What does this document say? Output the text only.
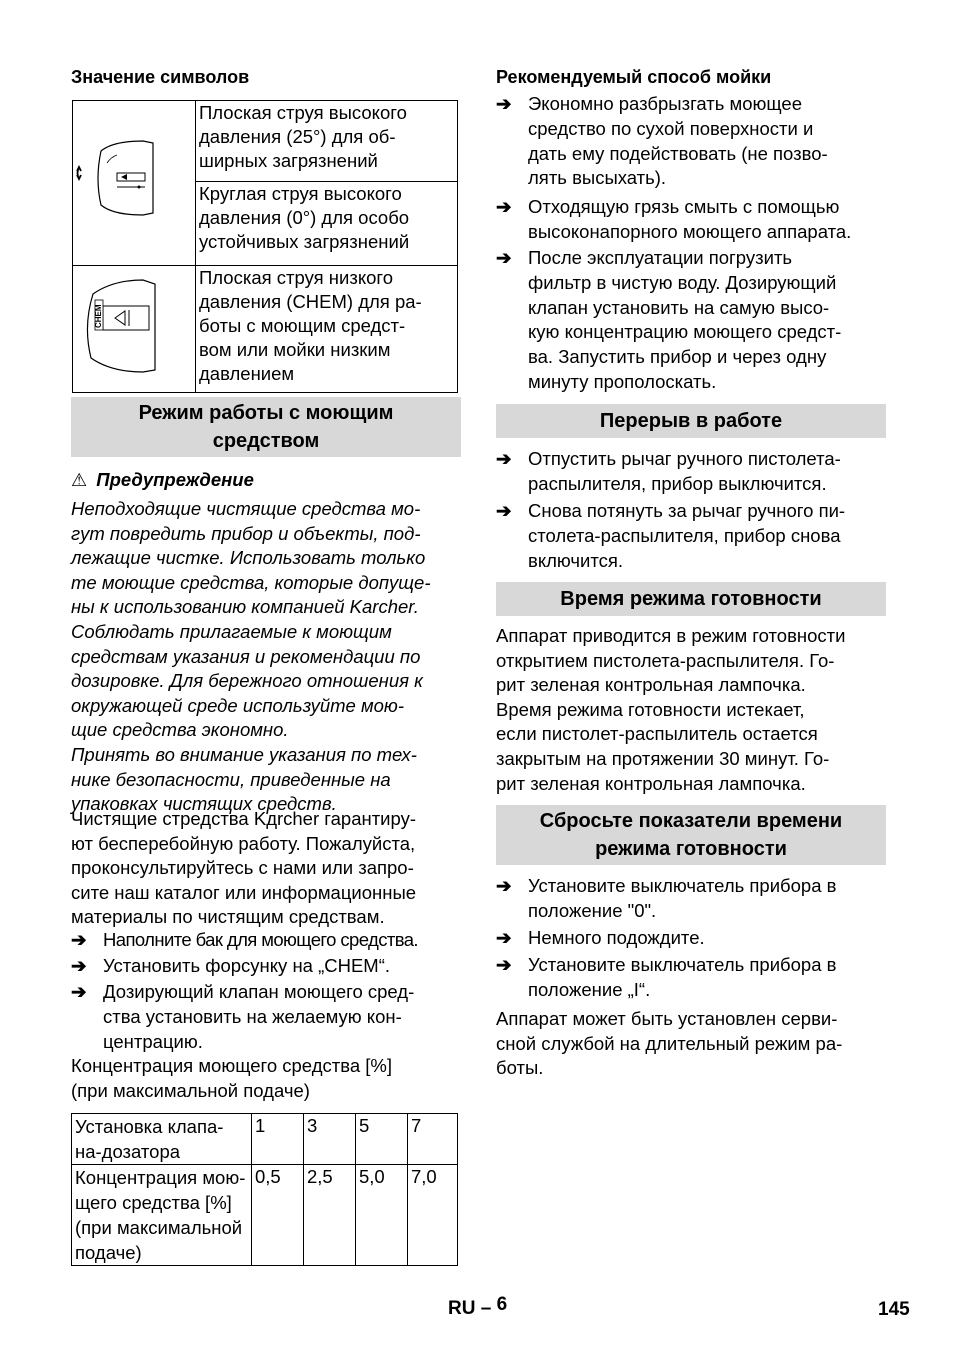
Значение символов

Плоская струя высокого
давления (25°) для об-
ширных загрязнений

	Круглая струя высокого
давления (0°) для особо
устойчивых загрязнений

CHEM	Плоская струя низкого
давления (CHEM) для ра-
боты с моющим средст-
вом или мойки низким
давлением
Режим работы с моющим
средством
⚠ Предупреждение
Неподходящие чистящие средства мо-
гут повредить прибор и объекты, под-
лежащие чистке. Использовать только
те моющие средства, которые допуще-
ны к использованию компанией Karcher.
Соблюдать прилагаемые к моющим
средствам указания и рекомендации по
дозировке. Для бережного отношения к
окружающей среде используйте мою-
щие средства экономно.
Принять во внимание указания по тех-
нике безопасности, приведенные на
упаковках чистящих средств.
Чистящие стредства Kдrcher гарантиру-
ют бесперебойную работу. Пожалуйста,
проконсультируйтесь с нами или запро-
сите наш каталог или информационные
материалы по чистящим средствам.
➔ Наполните бак для моющего средства.
➔ Установить форсунку на „CHEM“.
➔ Дозирующий клапан моющего сред-
ства установить на желаемую кон-
центрацию.
Концентрация моющего средства [%]
(при максимальной подаче)
Установка клапа-
на-дозатора	1	3	5	7

Концентрация мою-
щего средства [%]
(при максимальной
подаче)	0,5	2,5	5,0	7,0
Рекомендуемый способ мойки
➔ Экономно разбрызгать моющее
средство по сухой поверхности и
дать ему подействовать (не позво-
лять высыхать).
➔ Отходящую грязь смыть с помощью
высоконапорного моющего аппарата.
➔ После эксплуатации погрузить
фильтр в чистую воду. Дозирующий
клапан установить на самую высо-
кую концентрацию моющего средст-
ва. Запустить прибор и через одну
минуту прополоскать.
Перерыв в работе
➔ Отпустить рычаг ручного пистолета-
распылителя, прибор выключится.
➔ Снова потянуть за рычаг ручного пи-
столета-распылителя, прибор снова
включится.
Время режима готовности
Аппарат приводится в режим готовности
открытием пистолета-распылителя. Го-
рит зеленая контрольная лампочка.
Время режима готовности истекает,
если пистолет-распылитель остается
закрытым на протяжении 30 минут. Го-
рит зеленая контрольная лампочка.
Сбросьте показатели времени
режима готовности
➔ Установите выключатель прибора в
положение "0".
➔ Немного подождите.
➔ Установите выключатель прибора в
положение „I“.
Аппарат может быть установлен серви-
сной службой на длительный режим ра-
боты.
RU – 6	145
